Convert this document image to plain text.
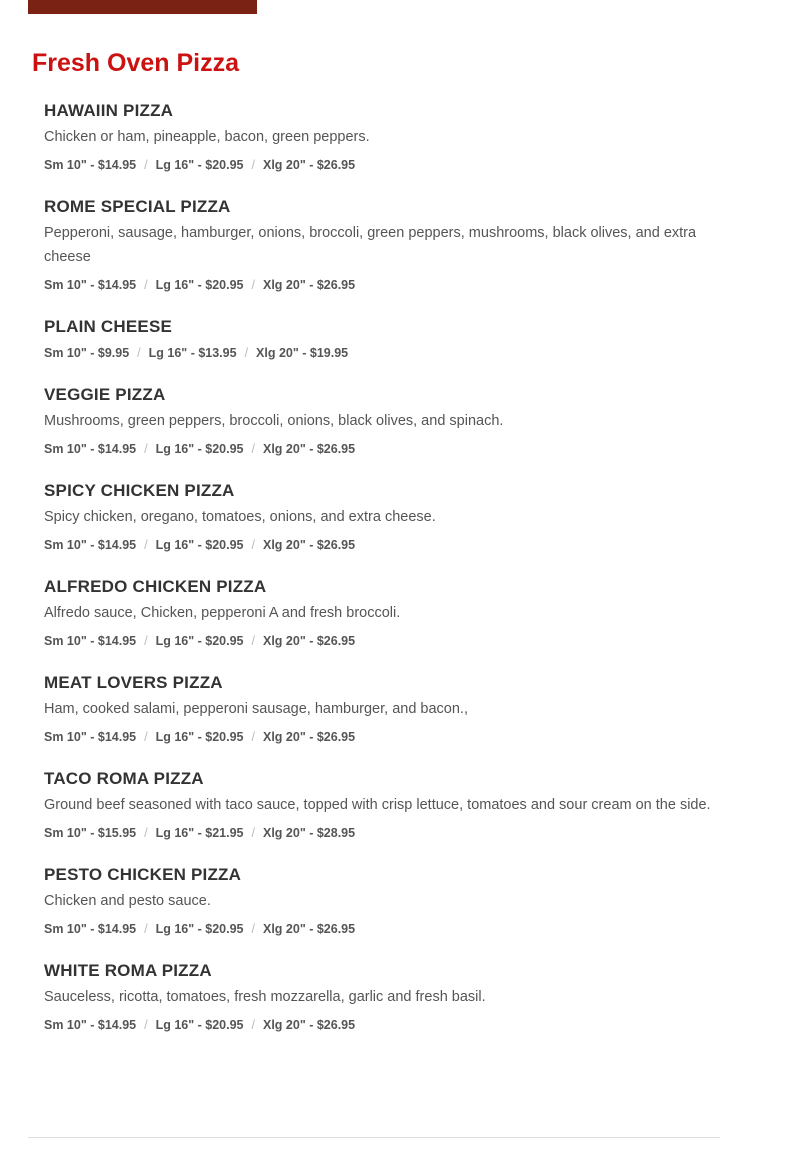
Fresh Oven Pizza
HAWAIIN PIZZA

Chicken or ham, pineapple, bacon, green peppers.

Sm 10" - $14.95 / Lg 16" - $20.95 / Xlg 20" - $26.95
ROME SPECIAL PIZZA

Pepperoni, sausage, hamburger, onions, broccoli, green peppers, mushrooms, black olives, and extra cheese

Sm 10" - $14.95 / Lg 16" - $20.95 / Xlg 20" - $26.95
PLAIN CHEESE
Sm 10" - $9.95 / Lg 16" - $13.95 / Xlg 20" - $19.95
VEGGIE PIZZA

Mushrooms, green peppers, broccoli, onions, black olives, and spinach.

Sm 10" - $14.95 / Lg 16" - $20.95 / Xlg 20" - $26.95
SPICY CHICKEN PIZZA

Spicy chicken, oregano, tomatoes, onions, and extra cheese.

Sm 10" - $14.95 / Lg 16" - $20.95 / Xlg 20" - $26.95
ALFREDO CHICKEN PIZZA

Alfredo sauce, Chicken, pepperoni A and fresh broccoli.

Sm 10" - $14.95 / Lg 16" - $20.95 / Xlg 20" - $26.95
MEAT LOVERS PIZZA

Ham, cooked salami, pepperoni sausage, hamburger, and bacon.,

Sm 10" - $14.95 / Lg 16" - $20.95 / Xlg 20" - $26.95
TACO ROMA PIZZA

Ground beef seasoned with taco sauce, topped with crisp lettuce, tomatoes and sour cream on the side.

Sm 10" - $15.95 / Lg 16" - $21.95 / Xlg 20" - $28.95
PESTO CHICKEN PIZZA

Chicken and pesto sauce.

Sm 10" - $14.95 / Lg 16" - $20.95 / Xlg 20" - $26.95
WHITE ROMA PIZZA

Sauceless, ricotta, tomatoes, fresh mozzarella, garlic and fresh basil.

Sm 10" - $14.95 / Lg 16" - $20.95 / Xlg 20" - $26.95
